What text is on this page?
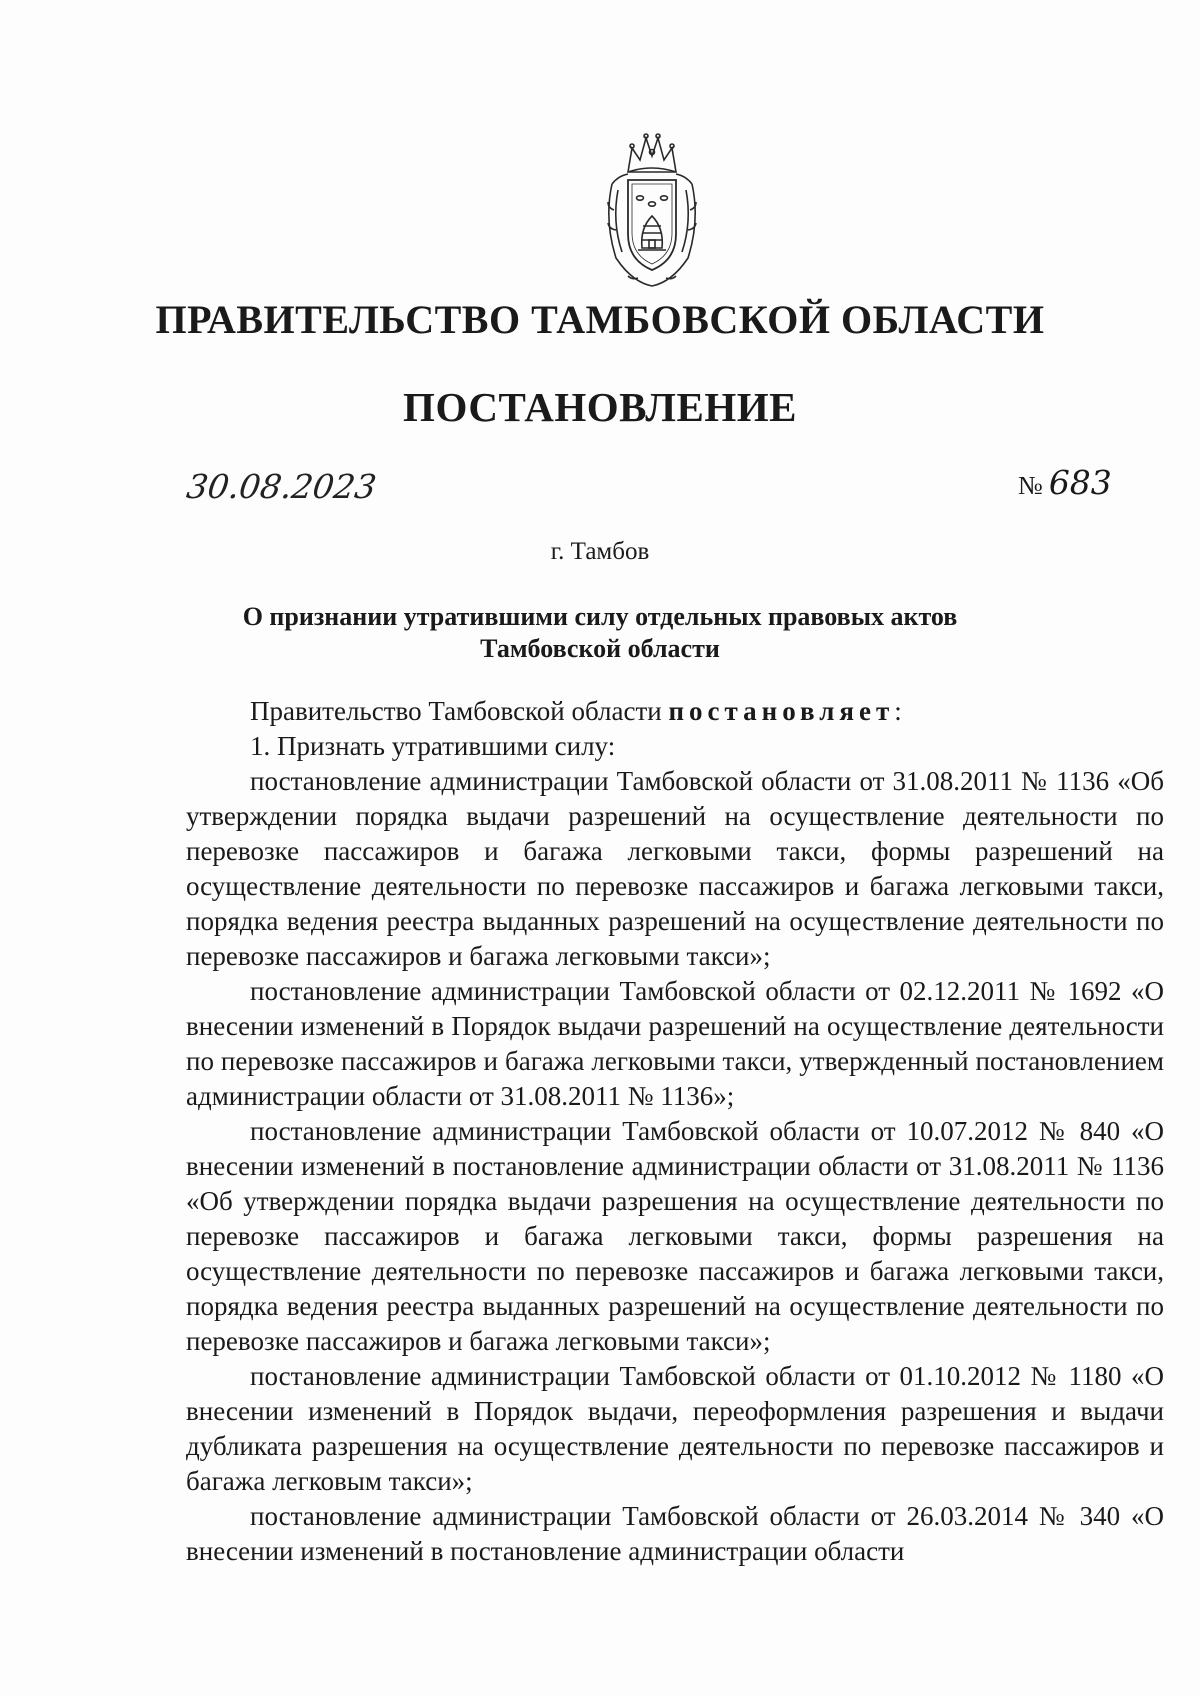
ПРАВИТЕЛЬСТВО ТАМБОВСКОЙ ОБЛАСТИ
ПОСТАНОВЛЕНИЕ
30.08.2023	№ 683
г. Тамбов
О признании утратившими силу отдельных правовых актов
Тамбовской области

Правительство Тамбовской области постановляет:

1. Признать утратившими силу:

постановление администрации Тамбовской области от 31.08.2011 № 1136 «Об утверждении порядка выдачи разрешений на осуществление деятельности по перевозке пассажиров и багажа легковыми такси, формы разрешений на осуществление деятельности по перевозке пассажиров и багажа легковыми такси, порядка ведения реестра выданных разрешений на осуществление деятельности по перевозке пассажиров и багажа легковыми такси»;

постановление администрации Тамбовской области от 02.12.2011 № 1692 «О внесении изменений в Порядок выдачи разрешений на осуществление деятельности по перевозке пассажиров и багажа легковыми такси, утвержденный постановлением администрации области от 31.08.2011 № 1136»;

постановление администрации Тамбовской области от 10.07.2012 № 840 «О внесении изменений в постановление администрации области от 31.08.2011 № 1136 «Об утверждении порядка выдачи разрешения на осуществление деятельности по перевозке пассажиров и багажа легковыми такси, формы разрешения на осуществление деятельности по перевозке пассажиров и багажа легковыми такси, порядка ведения реестра выданных разрешений на осуществление деятельности по перевозке пассажиров и багажа легковыми такси»;

постановление администрации Тамбовской области от 01.10.2012 № 1180 «О внесении изменений в Порядок выдачи, переоформления разрешения и выдачи дубликата разрешения на осуществление деятельности по перевозке пассажиров и багажа легковым такси»;

постановление администрации Тамбовской области от 26.03.2014 № 340 «О внесении изменений в постановление администрации области
